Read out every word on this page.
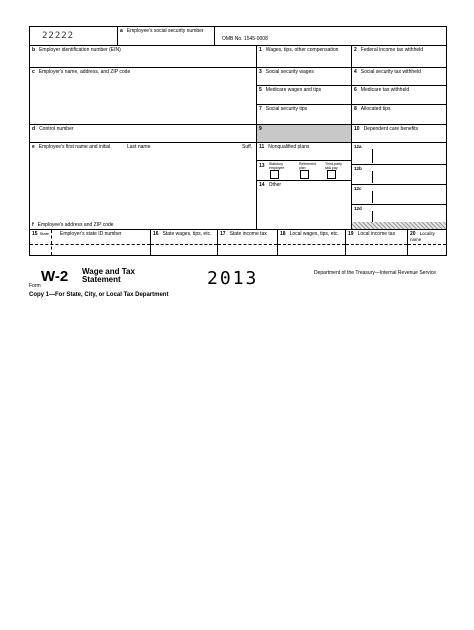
22222	a Employee's social security number
OMB No. 1545-0008
b Employer identification number (EIN)
c Employer's name, address, and ZIP code
d Control number
e Employee's first name and initial	Last name	Suff.
f Employee's address and ZIP code
1 Wages, tips, other compensation
3 Social security wages
5 Medicare wages and tips
7 Social security tips
9
11 Nonqualified plans
13 Statutory employee
Retirement plan
Third-party sick pay
14 Other
2 Federal income tax withheld
4 Social security tax withheld
6 Medicare tax withheld
8 Allocated tips
10 Dependent care benefits
12a
12b
12c
12d
15 State Employer's state ID number	16 State wages, tips, etc.	17 State income tax	18 Local wages, tips, etc.	19 Local income tax	20 Locality name
Form
W-2 Wage and Tax
Statement	2013	Department of the Treasury—Internal Revenue Service
Copy 1—For State, City, or Local Tax Department
